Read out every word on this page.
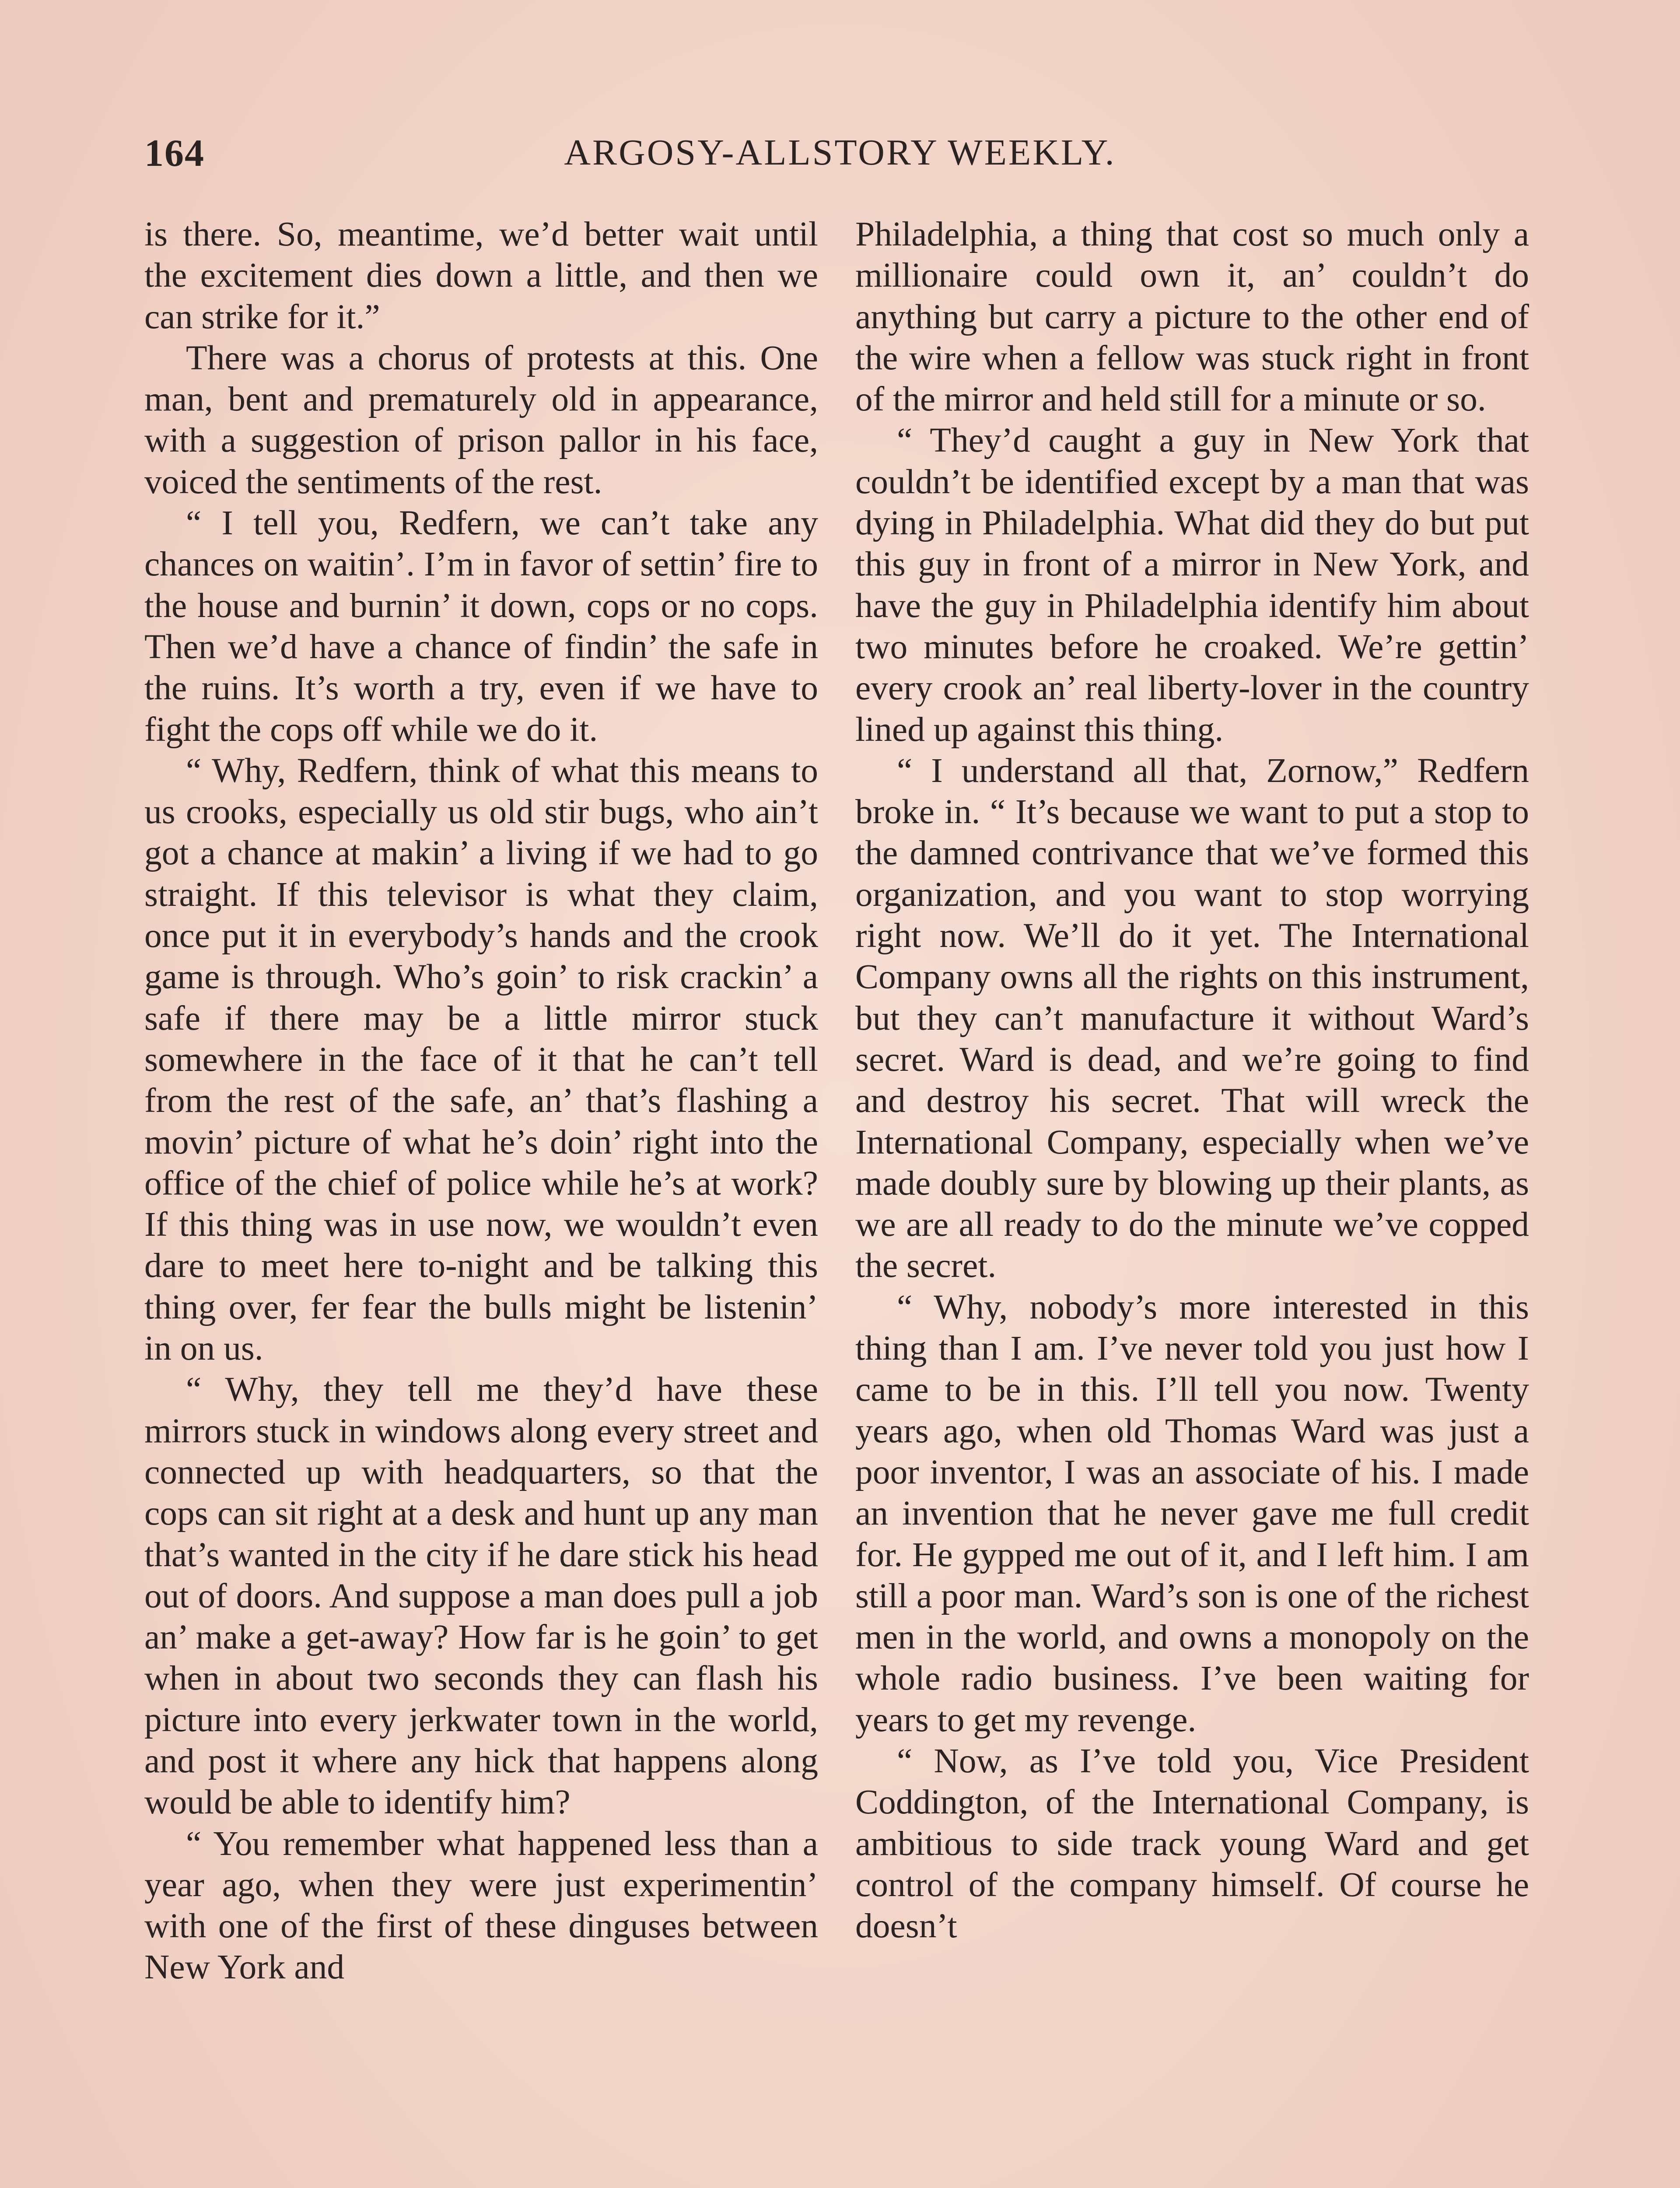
164	ARGOSY-ALLSTORY WEEKLY.

is there. So, meantime, we’d better wait until the excitement dies down a little, and then we can strike for it.”

There was a chorus of protests at this. One man, bent and prematurely old in appearance, with a suggestion of prison pallor in his face, voiced the sentiments of the rest.

“ I tell you, Redfern, we can’t take any chances on waitin’. I’m in favor of settin’ fire to the house and burnin’ it down, cops or no cops. Then we’d have a chance of findin’ the safe in the ruins. It’s worth a try, even if we have to fight the cops off while we do it.

“ Why, Redfern, think of what this means to us crooks, especially us old stir bugs, who ain’t got a chance at makin’ a living if we had to go straight. If this televisor is what they claim, once put it in everybody’s hands and the crook game is through. Who’s goin’ to risk crackin’ a safe if there may be a little mirror stuck somewhere in the face of it that he can’t tell from the rest of the safe, an’ that’s flashing a movin’ picture of what he’s doin’ right into the office of the chief of police while he’s at work? If this thing was in use now, we wouldn’t even dare to meet here to-night and be talking this thing over, fer fear the bulls might be listenin’ in on us.

“ Why, they tell me they’d have these mirrors stuck in windows along every street and connected up with headquarters, so that the cops can sit right at a desk and hunt up any man that’s wanted in the city if he dare stick his head out of doors. And suppose a man does pull a job an’ make a get-away? How far is he goin’ to get when in about two seconds they can flash his picture into every jerkwater town in the world, and post it where any hick that happens along would be able to identify him?

“ You remember what happened less than a year ago, when they were just experimentin’ with one of the first of these dinguses between New York and

Philadelphia, a thing that cost so much only a millionaire could own it, an’ couldn’t do anything but carry a picture to the other end of the wire when a fellow was stuck right in front of the mirror and held still for a minute or so.

“ They’d caught a guy in New York that couldn’t be identified except by a man that was dying in Philadelphia. What did they do but put this guy in front of a mirror in New York, and have the guy in Philadelphia identify him about two minutes before he croaked. We’re gettin’ every crook an’ real liberty-lover in the country lined up against this thing.

“ I understand all that, Zornow,” Redfern broke in. “ It’s because we want to put a stop to the damned contrivance that we’ve formed this organization, and you want to stop worrying right now. We’ll do it yet. The International Company owns all the rights on this instrument, but they can’t manufacture it without Ward’s secret. Ward is dead, and we’re going to find and destroy his secret. That will wreck the International Company, especially when we’ve made doubly sure by blowing up their plants, as we are all ready to do the minute we’ve copped the secret.

“ Why, nobody’s more interested in this thing than I am. I’ve never told you just how I came to be in this. I’ll tell you now. Twenty years ago, when old Thomas Ward was just a poor inventor, I was an associate of his. I made an invention that he never gave me full credit for. He gypped me out of it, and I left him. I am still a poor man. Ward’s son is one of the richest men in the world, and owns a monopoly on the whole radio business. I’ve been waiting for years to get my revenge.

“ Now, as I’ve told you, Vice President Coddington, of the International Company, is ambitious to side track young Ward and get control of the company himself. Of course he doesn’t
